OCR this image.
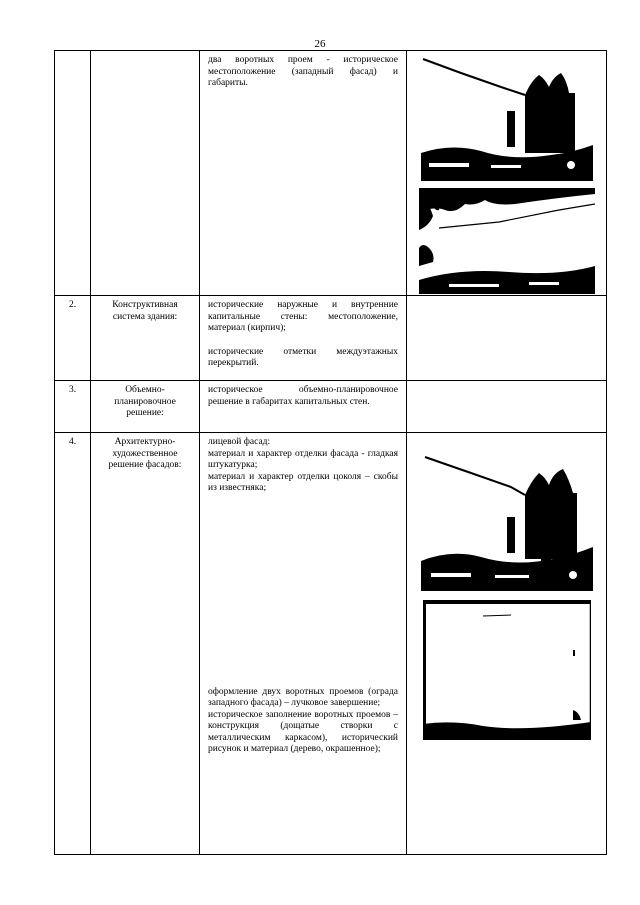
26

		два воротных проем - историческое местоположение (западный фасад) и габариты.

2.	Конструктивная система здания:	исторические наружные и внутренние капитальные стены: местоположение, материал (кирпич);
исторические отметки междуэтажных перекрытий.	

3.	Объемно-планировочное решение:	историческое объемно-планировочное решение в габаритах капитальных стен.	

4.	Архитектурно-художественное решение фасадов:	лицевой фасад:
материал и характер отделки фасада - гладкая штукатурка;
материал и характер отделки цоколя – скобы из известняка;
оформление двух воротных проемов (ограда западного фасада) – лучковое завершение;
историческое заполнение воротных проемов – конструкция (дощатые створки с металлическим каркасом), исторический рисунок и материал (дерево, окрашенное);
